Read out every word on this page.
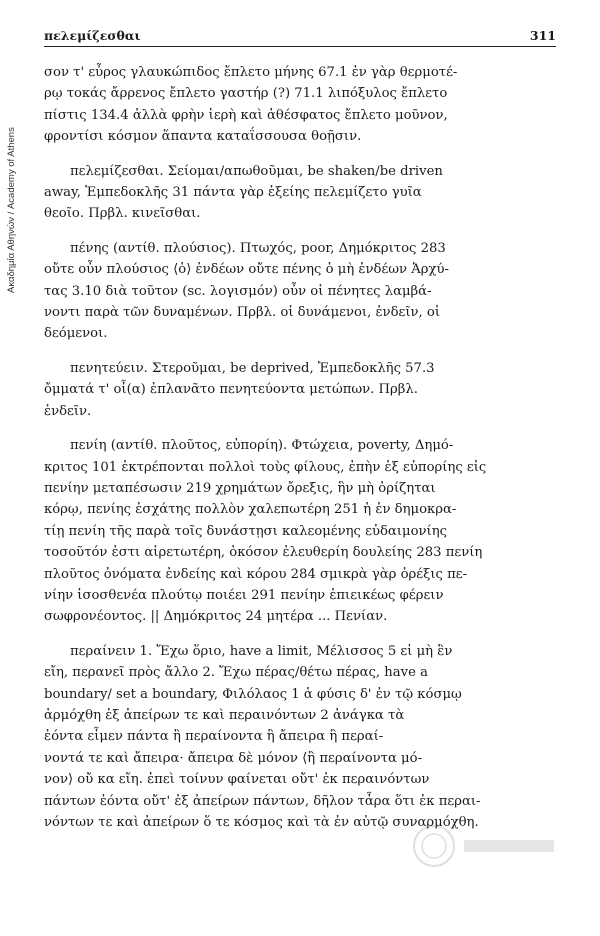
Ακαδημία Αθηνών / Academy of Athens
πελεμίζεσθαι	311
σον τ' εὖρος γλαυκώπιδος ἔπλετο μήνης 67.1 ἐν γὰρ θερμοτέ-
ρῳ τοκάς ἄρρενος ἔπλετο γαστήρ (?) 71.1 λιπόξυλος ἔπλετο
πίστις 134.4 ἀλλὰ φρὴν ἱερὴ καὶ ἀθέσφατος ἔπλετο μοῦνον,
φροντίσι κόσμον ἅπαντα καταΐσσουσα θοῇσιν.
πελεμίζεσθαι. Σείομαι/απωθοῦμαι, be shaken/be driven
away, Ἐμπεδοκλῆς 31 πάντα γὰρ ἑξείης πελεμίζετο γυῖα
θεοῖο. Πρβλ. κινεῖσθαι.
πένης (αντίθ. πλούσιος). Πτωχός, poor, Δημόκριτος 283
οὔτε οὖν πλούσιος ⟨ὁ⟩ ἐνδέων οὔτε πένης ὁ μὴ ἐνδέων Ἀρχύ-
τας 3.10 διὰ τοῦτον (sc. λογισμόν) οὖν οἱ πένητες λαμβά-
νοντι παρὰ τῶν δυναμένων. Πρβλ. οἱ δυνάμενοι, ἐνδεῖν, οἱ
δεόμενοι.
πενητεύειν. Στεροῦμαι, be deprived, Ἐμπεδοκλῆς 57.3
ὄμματά τ' οἶ(α) ἐπλανᾶτο πενητεύοντα μετώπων. Πρβλ.
ἐνδεῖν.
πενίη (αντίθ. πλοῦτος, εὐπορίη). Φτώχεια, poverty, Δημό-
κριτος 101 ἐκτρέπονται πολλοὶ τοὺς φίλους, ἐπὴν ἐξ εὐπορίης εἰς
πενίην μεταπέσωσιν 219 χρημάτων ὄρεξις, ἣν μὴ ὁρίζηται
κόρῳ, πενίης ἐσχάτης πολλὸν χαλεπωτέρη 251 ἡ ἐν δημοκρα-
τίῃ πενίη τῆς παρὰ τοῖς δυνάστῃσι καλεομένης εὐδαιμονίης
τοσοῦτόν ἐστι αἱρετωτέρη, ὁκόσον ἐλευθερίη δουλείης 283 πενίη
πλοῦτος ὀνόματα ἐνδείης καὶ κόρου 284 σμικρὰ γὰρ ὀρέξις πε-
νίην ἰσοσθενέα πλούτῳ ποιέει 291 πενίην ἐπιεικέως φέρειν
σωφρονέοντος. || Δημόκριτος 24 μητέρα ... Πενίαν.
περαίνειν 1. Ἔχω ὅριο, have a limit, Μέλισσος 5 εἰ μὴ ἓν
εἴη, περανεῖ πρὸς ἄλλο 2. Ἔχω πέρας/θέτω πέρας, have a
boundary/ set a boundary, Φιλόλαος 1 ἁ φύσις δ' ἐν τῷ κόσμῳ
ἁρμόχθη ἐξ ἀπείρων τε καὶ περαινόντων 2 ἀνάγκα τὰ
ἐόντα εἶμεν πάντα ἢ περαίνοντα ἢ ἄπειρα ἢ περαί-
νοντά τε καὶ ἄπειρα· ἄπειρα δὲ μόνον ⟨ἢ περαίνοντα μό-
νον⟩ οὔ κα εἴη. ἐπεὶ τοίνυν φαίνεται οὔτ' ἐκ περαινόντων
πάντων ἐόντα οὔτ' ἐξ ἀπείρων πάντων, δῆλον τἆρα ὅτι ἐκ περαι-
νόντων τε καὶ ἀπείρων ὅ τε κόσμος καὶ τὰ ἐν αὐτῷ συναρμόχθη.
